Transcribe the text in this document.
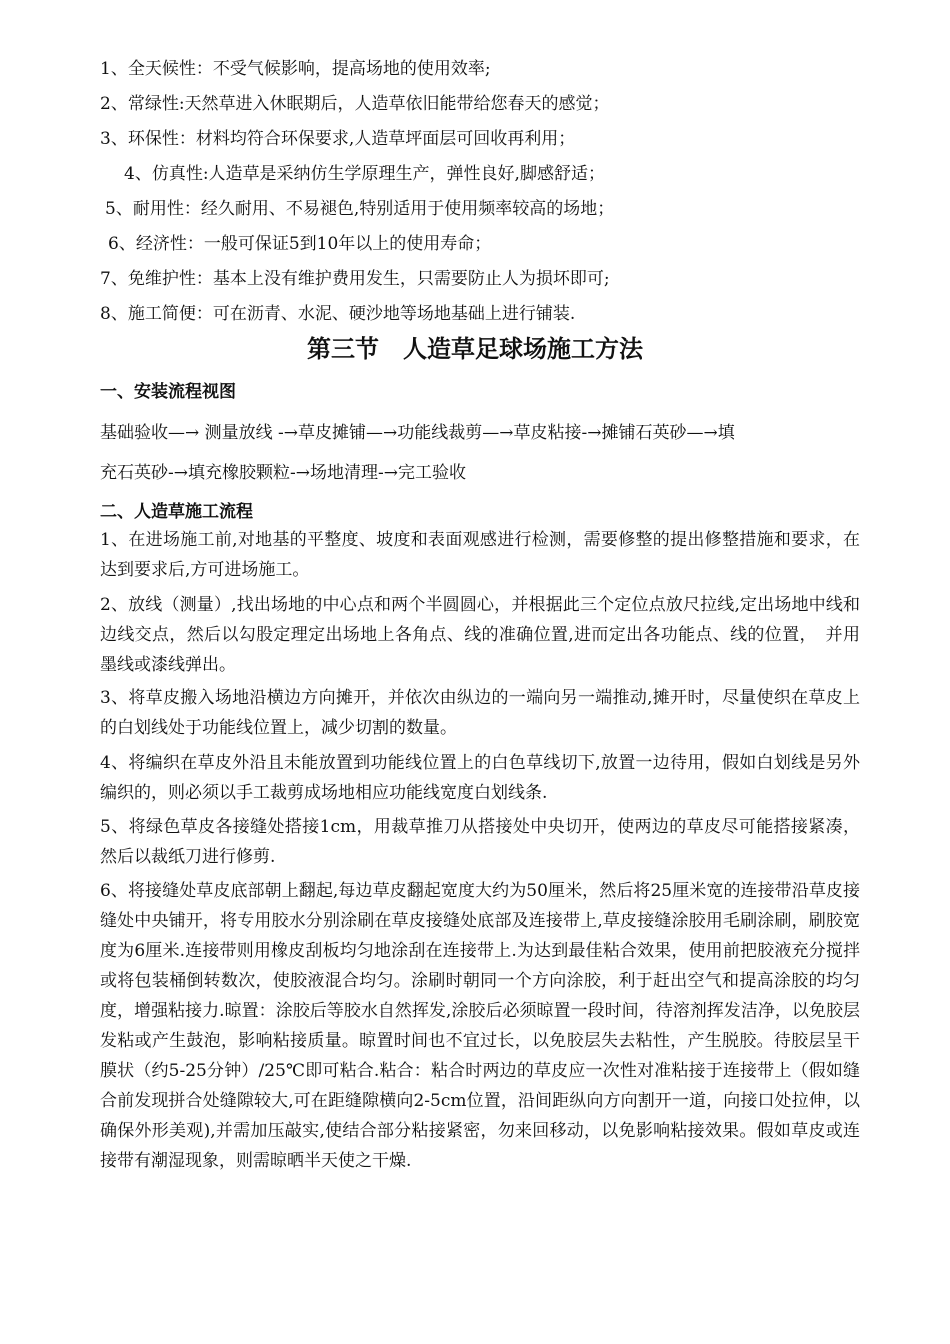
1、全天候性：不受气候影响，提高场地的使用效率;
2、常绿性:天然草进入休眠期后，人造草依旧能带给您春天的感觉；
3、环保性：材料均符合环保要求,人造草坪面层可回收再利用；
4、仿真性:人造草是采纳仿生学原理生产，弹性良好,脚感舒适；
5、耐用性：经久耐用、不易褪色,特别适用于使用频率较高的场地；
6、经济性：一般可保证5到10年以上的使用寿命；
7、免维护性：基本上没有维护费用发生，只需要防止人为损坏即可;
8、施工简便：可在沥青、水泥、硬沙地等场地基础上进行铺装.
第三节　人造草足球场施工方法
一、安装流程视图
基础验收—→ 测量放线 -→草皮摊铺—→功能线裁剪—→草皮粘接-→摊铺石英砂—→填
充石英砂-→填充橡胶颗粒-→场地清理-→完工验收
二、人造草施工流程
1、在进场施工前,对地基的平整度、坡度和表面观感进行检测，需要修整的提出修整措施和要求，在达到要求后,方可进场施工。
2、放线（测量）,找出场地的中心点和两个半圆圆心，并根据此三个定位点放尺拉线,定出场地中线和边线交点，然后以勾股定理定出场地上各角点、线的准确位置,进而定出各功能点、线的位置，　并用墨线或漆线弹出。
3、将草皮搬入场地沿横边方向摊开，并依次由纵边的一端向另一端推动,摊开时，尽量使织在草皮上的白划线处于功能线位置上，减少切割的数量。
4、将编织在草皮外沿且未能放置到功能线位置上的白色草线切下,放置一边待用，假如白划线是另外编织的，则必须以手工裁剪成场地相应功能线宽度白划线条.
5、将绿色草皮各接缝处搭接1cm，用裁草推刀从搭接处中央切开，使两边的草皮尽可能搭接紧凑，然后以裁纸刀进行修剪.
6、将接缝处草皮底部朝上翻起,每边草皮翻起宽度大约为50厘米，然后将25厘米宽的连接带沿草皮接缝处中央铺开，将专用胶水分别涂刷在草皮接缝处底部及连接带上,草皮接缝涂胶用毛刷涂刷，刷胶宽度为6厘米.连接带则用橡皮刮板均匀地涂刮在连接带上.为达到最佳粘合效果，使用前把胶液充分搅拌或将包装桶倒转数次，使胶液混合均匀。涂刷时朝同一个方向涂胶，利于赶出空气和提高涂胶的均匀度，增强粘接力.晾置：涂胶后等胶水自然挥发,涂胶后必须晾置一段时间，待溶剂挥发洁净，以免胶层发粘或产生鼓泡，影响粘接质量。晾置时间也不宜过长，以免胶层失去粘性，产生脱胶。待胶层呈干膜状（约5-25分钟）/25℃即可粘合.粘合：粘合时两边的草皮应一次性对准粘接于连接带上（假如缝合前发现拼合处缝隙较大,可在距缝隙横向2-5cm位置，沿间距纵向方向割开一道，向接口处拉伸，以确保外形美观),并需加压敲实,使结合部分粘接紧密，勿来回移动，以免影响粘接效果。假如草皮或连接带有潮湿现象，则需晾晒半天使之干燥.
